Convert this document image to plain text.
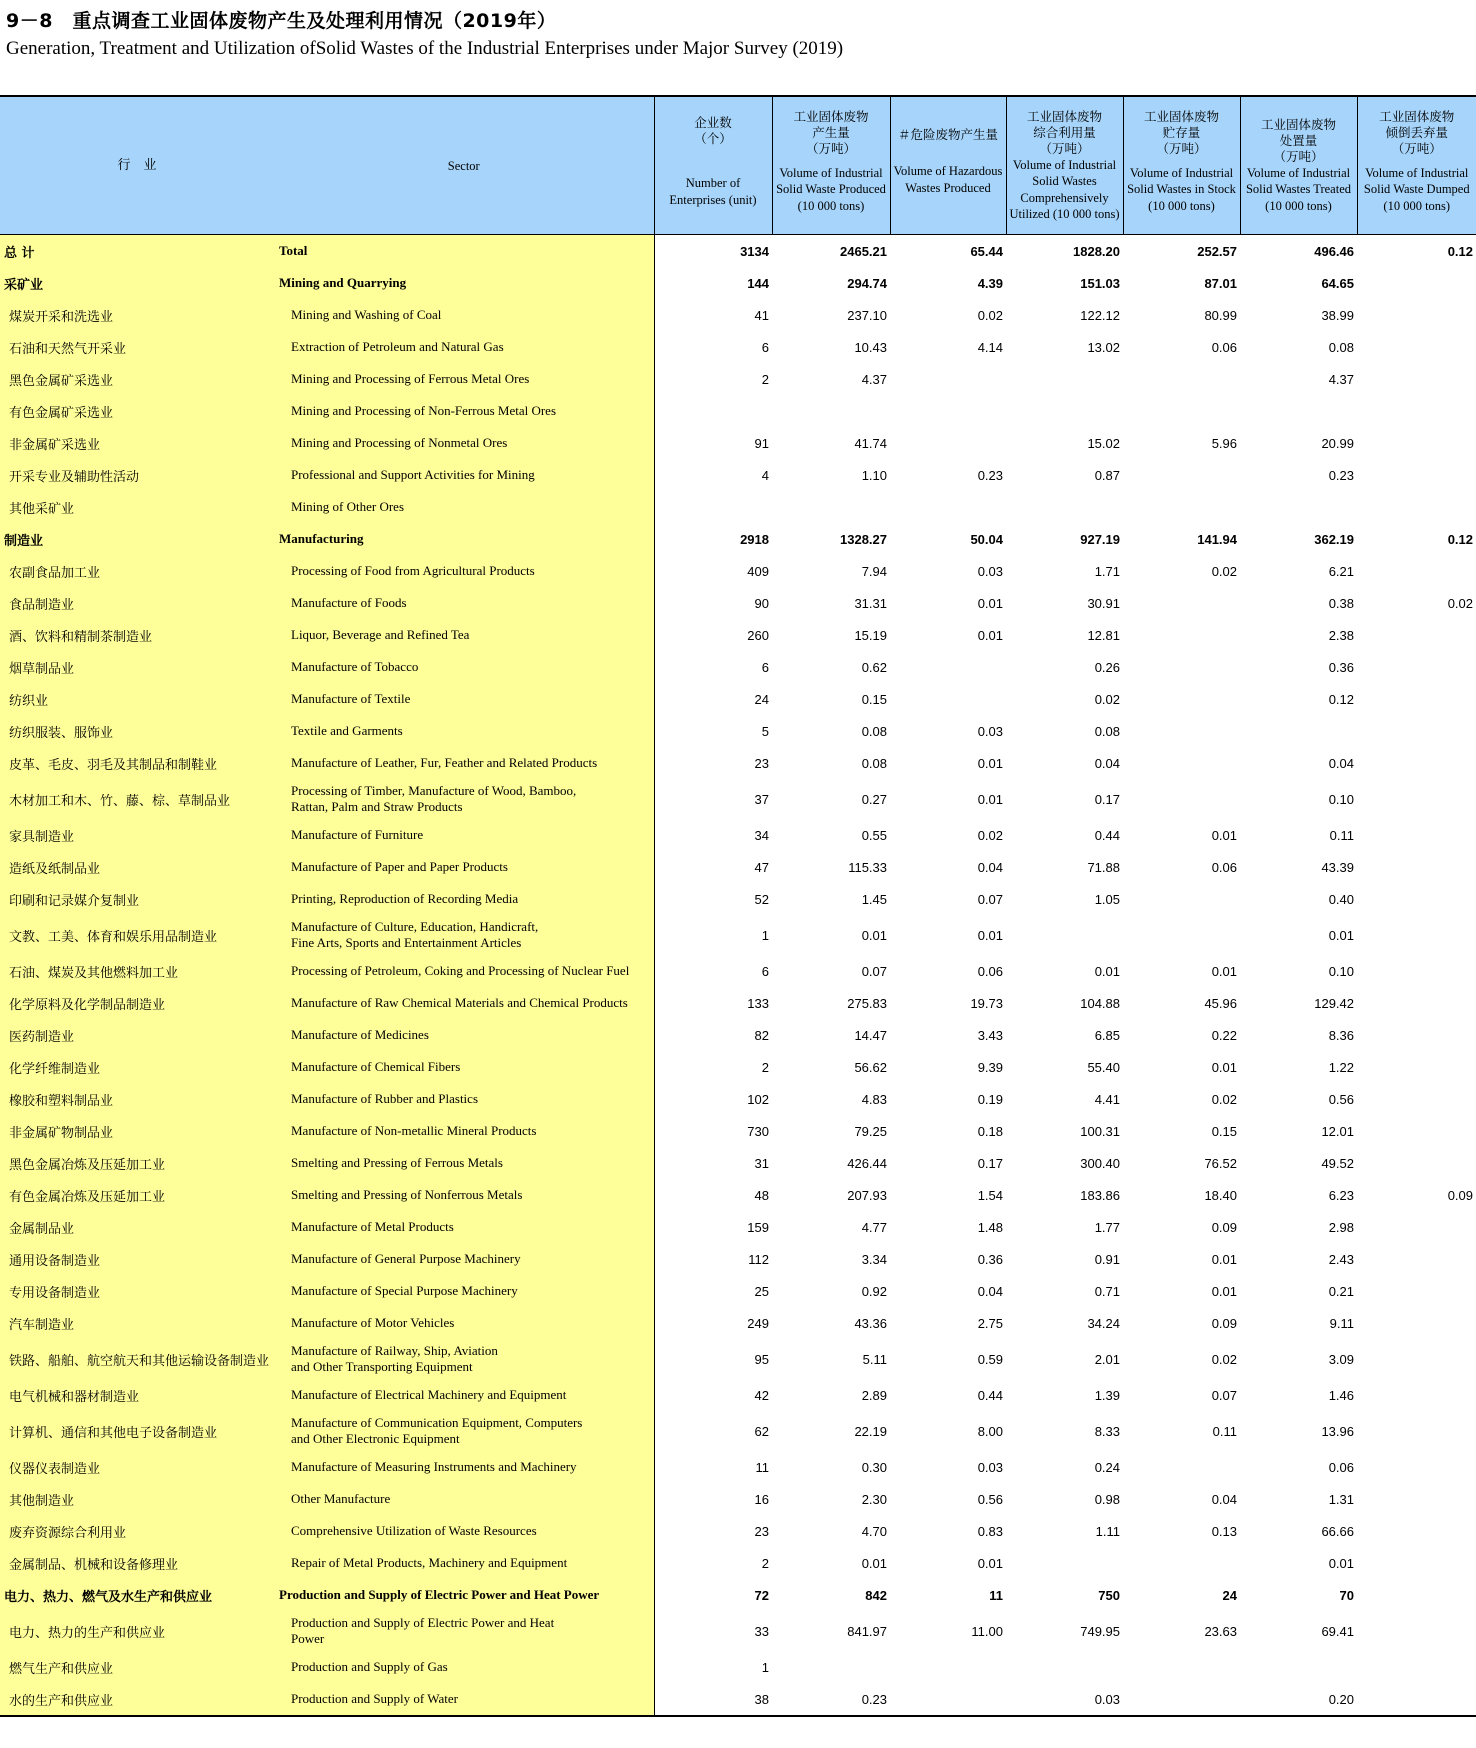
9－8　重点调查工业固体废物产生及处理利用情况（2019年）
Generation, Treatment and Utilization ofSolid Wastes of the Industrial Enterprises under Major Survey (2019)
行　业	Sector	企业数
（个）
Number of Enterprises (unit)	工业固体废物
产生量
（万吨）
Volume of Industrial Solid Waste Produced (10 000 tons)	＃危险废物产生量
Volume of Hazardous Wastes Produced	工业固体废物
综合利用量
（万吨）
Volume of Industrial Solid Wastes Comprehensively Utilized (10 000 tons)	工业固体废物
贮存量
（万吨）
Volume of Industrial Solid Wastes in Stock (10 000 tons)	工业固体废物
处置量
（万吨）
Volume of Industrial Solid Wastes Treated (10 000 tons)	工业固体废物
倾倒丢弃量
（万吨）
Volume of Industrial Solid Waste Dumped (10 000 tons)

总 计	Total	3134	2465.21	65.44	1828.20	252.57	496.46	0.12
采矿业	Mining and Quarrying	144	294.74	4.39	151.03	87.01	64.65	
煤炭开采和洗选业	Mining and Washing of Coal	41	237.10	0.02	122.12	80.99	38.99	
石油和天然气开采业	Extraction of Petroleum and Natural Gas	6	10.43	4.14	13.02	0.06	0.08	
黑色金属矿采选业	Mining and Processing of Ferrous Metal Ores	2	4.37				4.37	
有色金属矿采选业	Mining and Processing of Non-Ferrous Metal Ores							
非金属矿采选业	Mining and Processing of Nonmetal Ores	91	41.74		15.02	5.96	20.99	
开采专业及辅助性活动	Professional and Support Activities for Mining	4	1.10	0.23	0.87		0.23	
其他采矿业	Mining of Other Ores							
制造业	Manufacturing	2918	1328.27	50.04	927.19	141.94	362.19	0.12
农副食品加工业	Processing of Food from Agricultural Products	409	7.94	0.03	1.71	0.02	6.21	
食品制造业	Manufacture of Foods	90	31.31	0.01	30.91		0.38	0.02
酒、饮料和精制茶制造业	Liquor, Beverage and Refined Tea	260	15.19	0.01	12.81		2.38	
烟草制品业	Manufacture of Tobacco	6	0.62		0.26		0.36	
纺织业	Manufacture of Textile	24	0.15		0.02		0.12	
纺织服装、服饰业	Textile and Garments	5	0.08	0.03	0.08			
皮革、毛皮、羽毛及其制品和制鞋业	Manufacture of Leather, Fur, Feather and Related Products	23	0.08	0.01	0.04		0.04	
木材加工和木、竹、藤、棕、草制品业	Processing of Timber, Manufacture of Wood, Bamboo,
Rattan, Palm and Straw Products	37	0.27	0.01	0.17		0.10	
家具制造业	Manufacture of Furniture	34	0.55	0.02	0.44	0.01	0.11	
造纸及纸制品业	Manufacture of Paper and Paper Products	47	115.33	0.04	71.88	0.06	43.39	
印刷和记录媒介复制业	Printing, Reproduction of Recording Media	52	1.45	0.07	1.05		0.40	
文教、工美、体育和娱乐用品制造业	Manufacture of Culture, Education, Handicraft,
Fine Arts, Sports and Entertainment Articles	1	0.01	0.01			0.01	
石油、煤炭及其他燃料加工业	Processing of Petroleum, Coking and Processing of Nuclear Fuel	6	0.07	0.06	0.01	0.01	0.10	
化学原料及化学制品制造业	Manufacture of Raw Chemical Materials and Chemical Products	133	275.83	19.73	104.88	45.96	129.42	
医药制造业	Manufacture of Medicines	82	14.47	3.43	6.85	0.22	8.36	
化学纤维制造业	Manufacture of Chemical Fibers	2	56.62	9.39	55.40	0.01	1.22	
橡胶和塑料制品业	Manufacture of Rubber and Plastics	102	4.83	0.19	4.41	0.02	0.56	
非金属矿物制品业	Manufacture of Non-metallic Mineral Products	730	79.25	0.18	100.31	0.15	12.01	
黑色金属冶炼及压延加工业	Smelting and Pressing of Ferrous Metals	31	426.44	0.17	300.40	76.52	49.52	
有色金属冶炼及压延加工业	Smelting and Pressing of Nonferrous Metals	48	207.93	1.54	183.86	18.40	6.23	0.09
金属制品业	Manufacture of Metal Products	159	4.77	1.48	1.77	0.09	2.98	
通用设备制造业	Manufacture of General Purpose Machinery	112	3.34	0.36	0.91	0.01	2.43	
专用设备制造业	Manufacture of Special Purpose Machinery	25	0.92	0.04	0.71	0.01	0.21	
汽车制造业	Manufacture of Motor Vehicles	249	43.36	2.75	34.24	0.09	9.11	
铁路、船舶、航空航天和其他运输设备制造业	Manufacture of Railway, Ship, Aviation
and Other Transporting Equipment	95	5.11	0.59	2.01	0.02	3.09	
电气机械和器材制造业	Manufacture of Electrical Machinery and Equipment	42	2.89	0.44	1.39	0.07	1.46	
计算机、通信和其他电子设备制造业	Manufacture of Communication Equipment, Computers
and Other Electronic Equipment	62	22.19	8.00	8.33	0.11	13.96	
仪器仪表制造业	Manufacture of Measuring Instruments and Machinery	11	0.30	0.03	0.24		0.06	
其他制造业	Other Manufacture	16	2.30	0.56	0.98	0.04	1.31	
废弃资源综合利用业	Comprehensive Utilization of Waste Resources	23	4.70	0.83	1.11	0.13	66.66	
金属制品、机械和设备修理业	Repair of Metal Products, Machinery and Equipment	2	0.01	0.01			0.01	
电力、热力、燃气及水生产和供应业	Production and Supply of Electric Power and Heat Power	72	842	11	750	24	70	
电力、热力的生产和供应业	Production and Supply of Electric Power and Heat
Power	33	841.97	11.00	749.95	23.63	69.41	
燃气生产和供应业	Production and Supply of Gas	1						
水的生产和供应业	Production and Supply of Water	38	0.23		0.03		0.20	
